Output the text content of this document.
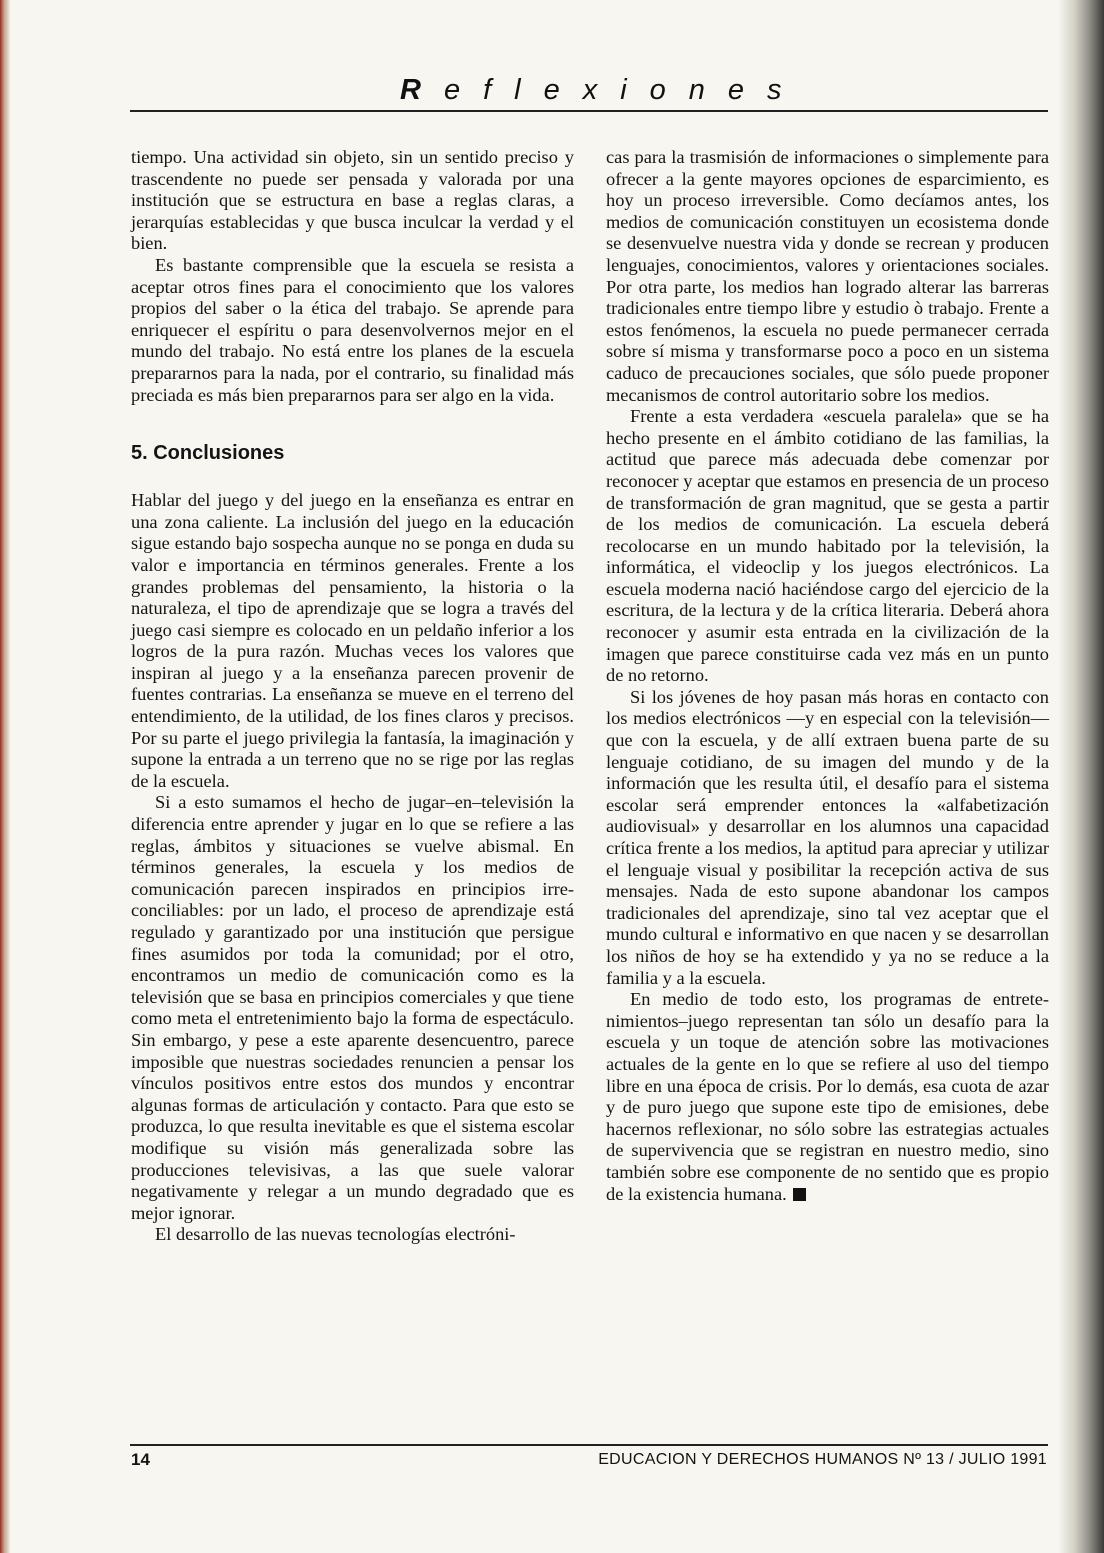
Reflexiones

tiempo. Una actividad sin objeto, sin un sentido preciso y trascendente no puede ser pensada y valorada por una institución que se estructura en base a reglas claras, a jerarquías establecidas y que busca inculcar la verdad y el bien.

Es bastante comprensible que la escuela se resista a aceptar otros fines para el conocimiento que los valores propios del saber o la ética del trabajo. Se aprende para enriquecer el espíritu o para desenvolvernos mejor en el mundo del trabajo. No está entre los planes de la escuela prepararnos para la nada, por el contrario, su finalidad más preciada es más bien prepararnos para ser algo en la vida.

5. Conclusiones

Hablar del juego y del juego en la enseñanza es entrar en una zona caliente. La inclusión del juego en la educación sigue estando bajo sospecha aunque no se ponga en duda su valor e importancia en términos generales. Frente a los grandes problemas del pensamiento, la historia o la naturaleza, el tipo de aprendizaje que se logra a través del juego casi siempre es colocado en un peldaño inferior a los logros de la pura razón. Muchas veces los valores que inspiran al juego y a la enseñanza parecen provenir de fuentes contrarias. La enseñanza se mueve en el terreno del entendimiento, de la utilidad, de los fines claros y precisos. Por su parte el juego privilegia la fantasía, la imaginación y supone la entrada a un terreno que no se rige por las reglas de la escuela.

Si a esto sumamos el hecho de jugar–en–televisión la diferencia entre aprender y jugar en lo que se refiere a las reglas, ámbitos y situaciones se vuelve abismal. En términos generales, la escuela y los medios de comunicación parecen inspirados en principios irreconciliables: por un lado, el proceso de aprendizaje está regulado y garantizado por una institución que persigue fines asumidos por toda la comunidad; por el otro, encontramos un medio de comunicación como es la televisión que se basa en principios comerciales y que tiene como meta el entretenimiento bajo la forma de espectáculo. Sin embargo, y pese a este aparente desencuentro, parece imposible que nuestras sociedades renuncien a pensar los vínculos positivos entre estos dos mundos y encontrar algunas formas de articulación y contacto. Para que esto se produzca, lo que resulta inevitable es que el sistema escolar modifique su visión más generalizada sobre las producciones televisivas, a las que suele valorar negativamente y relegar a un mundo degradado que es mejor ignorar.

El desarrollo de las nuevas tecnologías electróni-

cas para la trasmisión de informaciones o simplemente para ofrecer a la gente mayores opciones de esparcimiento, es hoy un proceso irreversible. Como decíamos antes, los medios de comunicación constituyen un ecosistema donde se desenvuelve nuestra vida y donde se recrean y producen lenguajes, conocimientos, valores y orientaciones sociales. Por otra parte, los medios han logrado alterar las barreras tradicionales entre tiempo libre y estudio ò trabajo. Frente a estos fenómenos, la escuela no puede permanecer cerrada sobre sí misma y transformarse poco a poco en un sistema caduco de precauciones sociales, que sólo puede proponer mecanismos de control autoritario sobre los medios.

Frente a esta verdadera «escuela paralela» que se ha hecho presente en el ámbito cotidiano de las familias, la actitud que parece más adecuada debe comenzar por reconocer y aceptar que estamos en presencia de un proceso de transformación de gran magnitud, que se gesta a partir de los medios de comunicación. La escuela deberá recolocarse en un mundo habitado por la televisión, la informática, el videoclip y los juegos electrónicos. La escuela moderna nació haciéndose cargo del ejercicio de la escritura, de la lectura y de la crítica literaria. Deberá ahora reconocer y asumir esta entrada en la civilización de la imagen que parece constituirse cada vez más en un punto de no retorno.

Si los jóvenes de hoy pasan más horas en contacto con los medios electrónicos —y en especial con la televisión— que con la escuela, y de allí extraen buena parte de su lenguaje cotidiano, de su imagen del mundo y de la información que les resulta útil, el desafío para el sistema escolar será emprender entonces la «alfabetización audiovisual» y desarrollar en los alumnos una capacidad crítica frente a los medios, la aptitud para apreciar y utilizar el lenguaje visual y posibilitar la recepción activa de sus mensajes. Nada de esto supone abandonar los campos tradicionales del aprendizaje, sino tal vez aceptar que el mundo cultural e informativo en que nacen y se desarrollan los niños de hoy se ha extendido y ya no se reduce a la familia y a la escuela.

En medio de todo esto, los programas de entretenimientos–juego representan tan sólo un desafío para la escuela y un toque de atención sobre las motivaciones actuales de la gente en lo que se refiere al uso del tiempo libre en una época de crisis. Por lo demás, esa cuota de azar y de puro juego que supone este tipo de emisiones, debe hacernos reflexionar, no sólo sobre las estrategias actuales de supervivencia que se registran en nuestro medio, sino también sobre ese componente de no sentido que es propio de la existencia humana.

14	EDUCACION Y DERECHOS HUMANOS Nº 13 / JULIO 1991
